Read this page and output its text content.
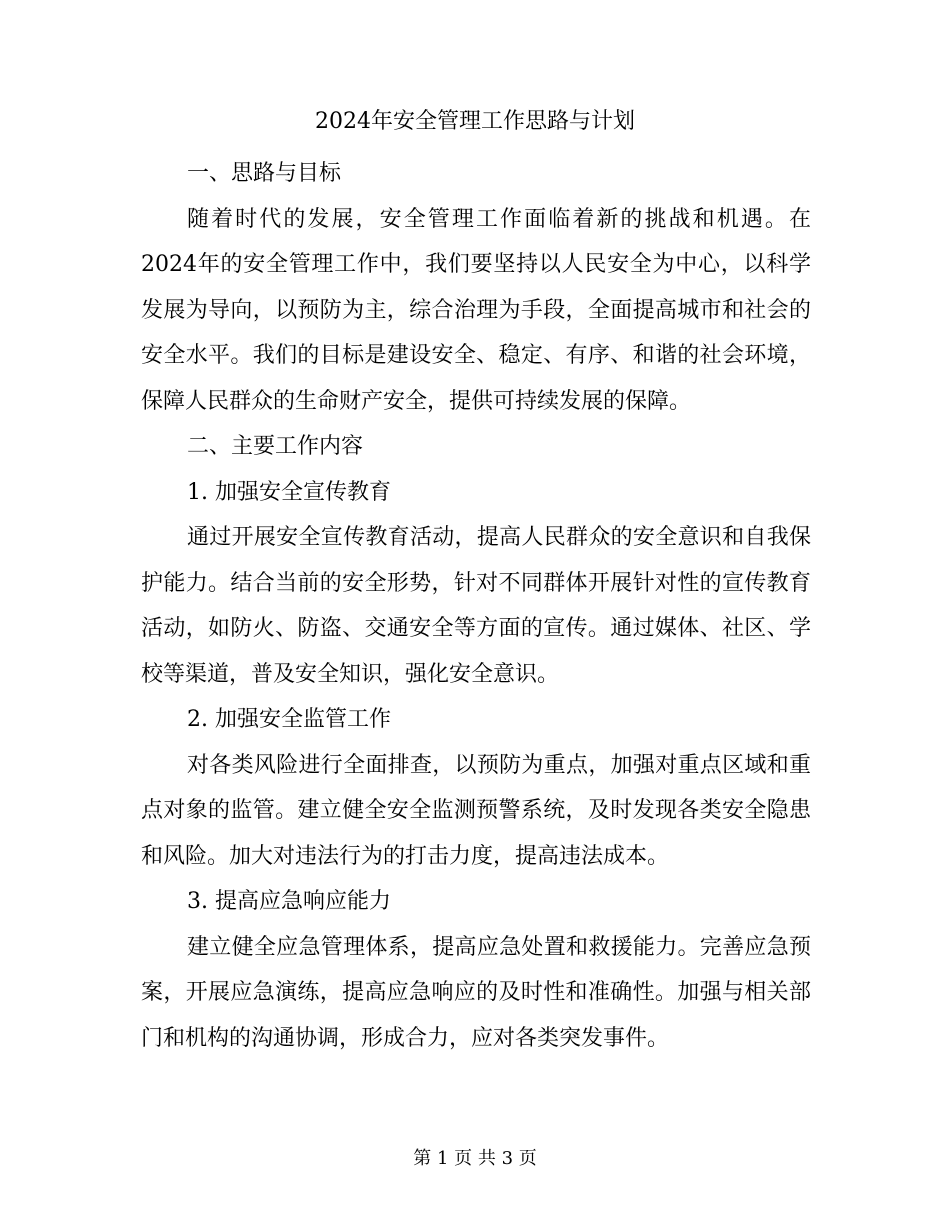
2024年安全管理工作思路与计划

一、思路与目标

随着时代的发展，安全管理工作面临着新的挑战和机遇。在2024年的安全管理工作中，我们要坚持以人民安全为中心，以科学发展为导向，以预防为主，综合治理为手段，全面提高城市和社会的安全水平。我们的目标是建设安全、稳定、有序、和谐的社会环境，保障人民群众的生命财产安全，提供可持续发展的保障。

二、主要工作内容

1. 加强安全宣传教育

通过开展安全宣传教育活动，提高人民群众的安全意识和自我保护能力。结合当前的安全形势，针对不同群体开展针对性的宣传教育活动，如防火、防盗、交通安全等方面的宣传。通过媒体、社区、学校等渠道，普及安全知识，强化安全意识。

2. 加强安全监管工作

对各类风险进行全面排查，以预防为重点，加强对重点区域和重点对象的监管。建立健全安全监测预警系统，及时发现各类安全隐患和风险。加大对违法行为的打击力度，提高违法成本。

3. 提高应急响应能力

建立健全应急管理体系，提高应急处置和救援能力。完善应急预案，开展应急演练，提高应急响应的及时性和准确性。加强与相关部门和机构的沟通协调，形成合力，应对各类突发事件。

第 1 页 共 3 页
